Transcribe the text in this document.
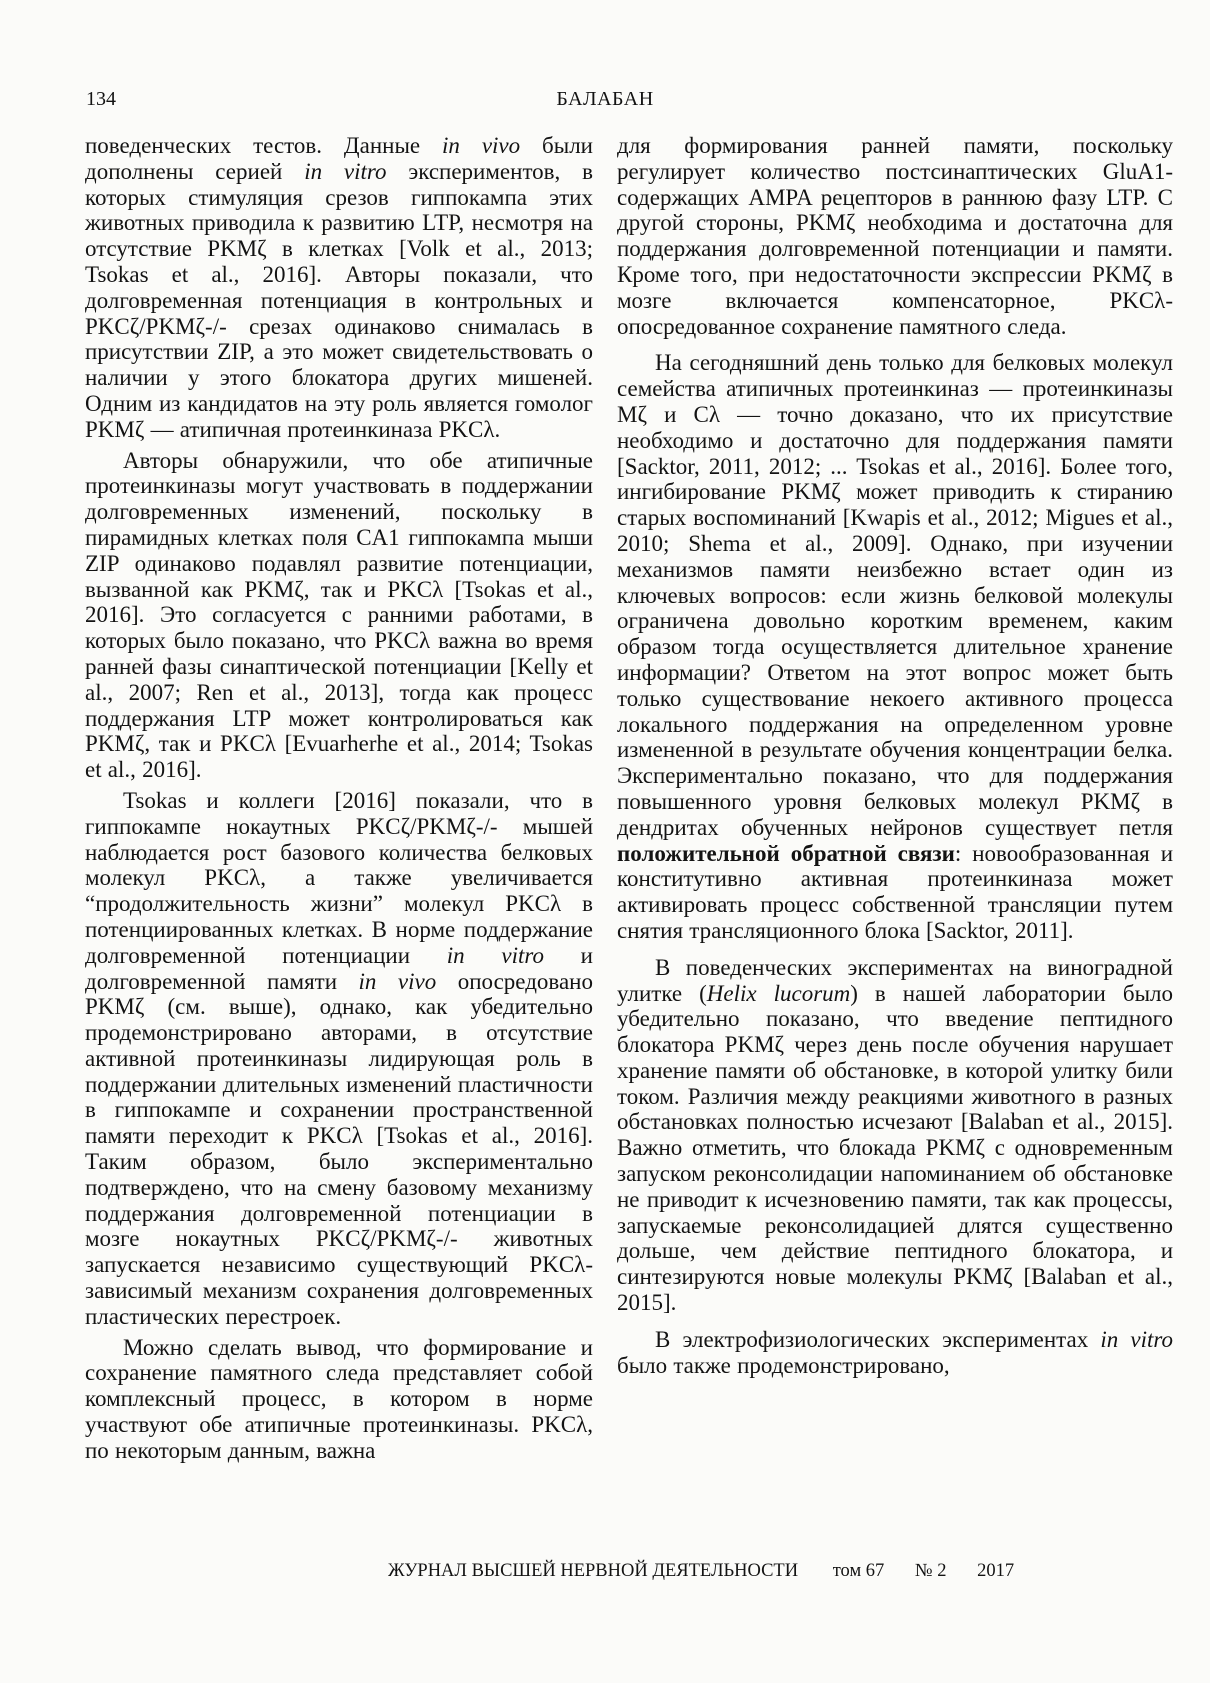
134	БАЛАБАН

поведенческих тестов. Данные in vivo были дополнены серией in vitro экспериментов, в которых стимуляция срезов гиппокампа этих животных приводила к развитию LTP, несмотря на отсутствие PKMζ в клетках [Volk et al., 2013; Tsokas et al., 2016]. Авторы показали, что долговременная потенциация в контрольных и PKCζ/PKMζ-/- срезах одинаково снималась в присутствии ZIP, а это может свидетельствовать о наличии у этого блокатора других мишеней. Одним из кандидатов на эту роль является гомолог PKMζ — атипичная протеинкиназа PKCλ.

Авторы обнаружили, что обе атипичные протеинкиназы могут участвовать в поддержании долговременных изменений, поскольку в пирамидных клетках поля CA1 гиппокампа мыши ZIP одинаково подавлял развитие потенциации, вызванной как PKMζ, так и PKCλ [Tsokas et al., 2016]. Это согласуется с ранними работами, в которых было показано, что PKCλ важна во время ранней фазы синаптической потенциации [Kelly et al., 2007; Ren et al., 2013], тогда как процесс поддержания LTP может контролироваться как PKMζ, так и PKCλ [Evuarherhe et al., 2014; Tsokas et al., 2016].

Tsokas и коллеги [2016] показали, что в гиппокампе нокаутных PKCζ/PKMζ-/- мышей наблюдается рост базового количества белковых молекул PKCλ, а также увеличивается “продолжительность жизни” молекул PKCλ в потенциированных клетках. В норме поддержание долговременной потенциации in vitro и долговременной памяти in vivo опосредовано PKMζ (см. выше), однако, как убедительно продемонстрировано авторами, в отсутствие активной протеинкиназы лидирующая роль в поддержании длительных изменений пластичности в гиппокампе и сохранении пространственной памяти переходит к PKCλ [Tsokas et al., 2016]. Таким образом, было экспериментально подтверждено, что на смену базовому механизму поддержания долговременной потенциации в мозге нокаутных PKCζ/PKMζ-/- животных запускается независимо существующий PKCλ-зависимый механизм сохранения долговременных пластических перестроек.

Можно сделать вывод, что формирование и сохранение памятного следа представляет собой комплексный процесс, в котором в норме участвуют обе атипичные протеинкиназы. PKCλ, по некоторым данным, важна

для формирования ранней памяти, поскольку регулирует количество постсинаптических GluA1-содержащих AMPA рецепторов в раннюю фазу LTP. С другой стороны, PKMζ необходима и достаточна для поддержания долговременной потенциации и памяти. Кроме того, при недостаточности экспрессии PKMζ в мозге включается компенсаторное, PKCλ-опосредованное сохранение памятного следа.

На сегодняшний день только для белковых молекул семейства атипичных протеинкиназ — протеинкиназы Mζ и Cλ — точно доказано, что их присутствие необходимо и достаточно для поддержания памяти [Sacktor, 2011, 2012; ... Tsokas et al., 2016]. Более того, ингибирование PKMζ может приводить к стиранию старых воспоминаний [Kwapis et al., 2012; Migues et al., 2010; Shema et al., 2009]. Однако, при изучении механизмов памяти неизбежно встает один из ключевых вопросов: если жизнь белковой молекулы ограничена довольно коротким временем, каким образом тогда осуществляется длительное хранение информации? Ответом на этот вопрос может быть только существование некоего активного процесса локального поддержания на определенном уровне измененной в результате обучения концентрации белка. Экспериментально показано, что для поддержания повышенного уровня белковых молекул PKMζ в дендритах обученных нейронов существует петля положительной обратной связи: новообразованная и конститутивно активная протеинкиназа может активировать процесс собственной трансляции путем снятия трансляционного блока [Sacktor, 2011].

В поведенческих экспериментах на виноградной улитке (Helix lucorum) в нашей лаборатории было убедительно показано, что введение пептидного блокатора PKMζ через день после обучения нарушает хранение памяти об обстановке, в которой улитку били током. Различия между реакциями животного в разных обстановках полностью исчезают [Balaban et al., 2015]. Важно отметить, что блокада PKMζ с одновременным запуском реконсолидации напоминанием об обстановке не приводит к исчезновению памяти, так как процессы, запускаемые реконсолидацией длятся существенно дольше, чем действие пептидного блокатора, и синтезируются новые молекулы PKMζ [Balaban et al., 2015].

В электрофизиологических экспериментах in vitro было также продемонстрировано,

ЖУРНАЛ ВЫСШЕЙ НЕРВНОЙ ДЕЯТЕЛЬНОСТИ том 67 № 2 2017
